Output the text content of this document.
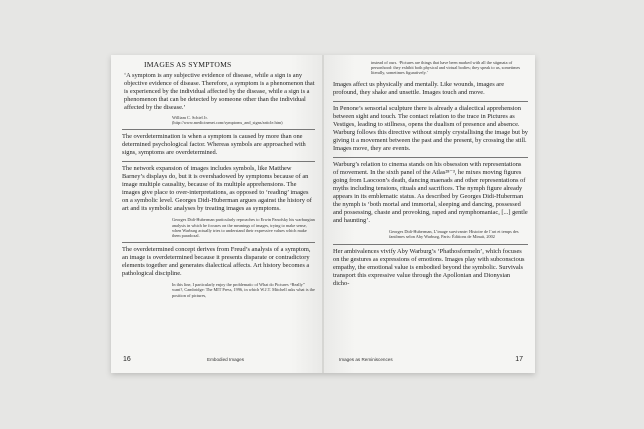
IMAGES AS SYMPTOMS
‘A symptom is any subjective evidence of disease, while a sign is any objective evidence of disease. Therefore, a symptom is a phenomenon that is experienced by the individual affected by the disease, while a sign is a phenomenon that can be detected by someone other than the individual affected by the disease.’
William C. Schiel Jr. (http://www.medicinenet.com/symptoms_and_signs/article.htm)

The overdetermination is when a symptom is caused by more than one determined psychological factor. Whereas symbols are approached with signs, symptoms are overdetermined.

The network expansion of images includes symbols, like Matthew Barney’s displays do, but it is overshadowed by symptoms because of an image multiple causality, because of its multiple apprehensions. The images give place to over-interpretations, as opposed to ‘reading’ images on a symbolic level. Georges Didi-Huberman argues against the history of art and its symbolic analyses by treating images as symptoms.

Georges Didi-Huberman particularly reproaches to Erwin Panofsky his warburgian analysis in which he focuses on the meanings of images, trying to make sense, when Warburg actually tries to understand their expressive values which make them paradoxal.

The overdetermined concept derives from Freud’s analysis of a symptom, an image is overdetermined because it presents disparate or contradictory elements together and generates dialectical affects. Art history becomes a pathological discipline.

In this line, I particularly enjoy the problematic of What do Pictures “Really” want?, Cambridge: The MIT Press, 1996, in which W.J.T. Mitchell asks what is the position of pictures,
16	Embodied Images
instead of ours. ‘Pictures are things that have been marked with all the stigmata of personhood: they exhibit both physical and virtual bodies; they speak to us, sometimes literally, sometimes figuratively.’

Images affect us physically and mentally. Like wounds, images are profound, they shake and unsettle. Images touch and move.

In Penone’s sensorial sculpture there is already a dialectical apprehension between sight and touch. The contact relation to the trace in Pictures as Vestiges, leading to stillness, opens the dualism of presence and absence. Warburg follows this directive without simply crystallising the image but by giving it a movement between the past and the present, by crossing the still. Images move, they are events.

Warburg’s relation to cinema stands on his obsession with representations of movement. In the sixth panel of the Atlas²⁸⁻³, he mixes moving figures going from Laocoon’s death, dancing maenads and other representations of myths including tensions, rituals and sacrifices. The nymph figure already appears in its emblematic status. As described by Georges Didi-Huberman the nymph is ‘both mortal and immortal, sleeping and dancing, possessed and possessing, chaste and provoking, raped and nymphomaniac, [...] gentle and haunting’.

Georges Didi-Huberman, L’image survivante: Histoire de l’art et temps des fantômes selon Aby Warburg, Paris: Éditions de Minuit, 2002

Her ambivalences vivify Aby Warburg’s ‘Phathosformeln’, which focuses on the gestures as expressions of emotions. Images play with subconscious empathy, the emotional value is embodied beyond the symbolic. Survivals transport this expressive value through the Apollonian and Dionysian dicho-

Images as Reminiscences	17
